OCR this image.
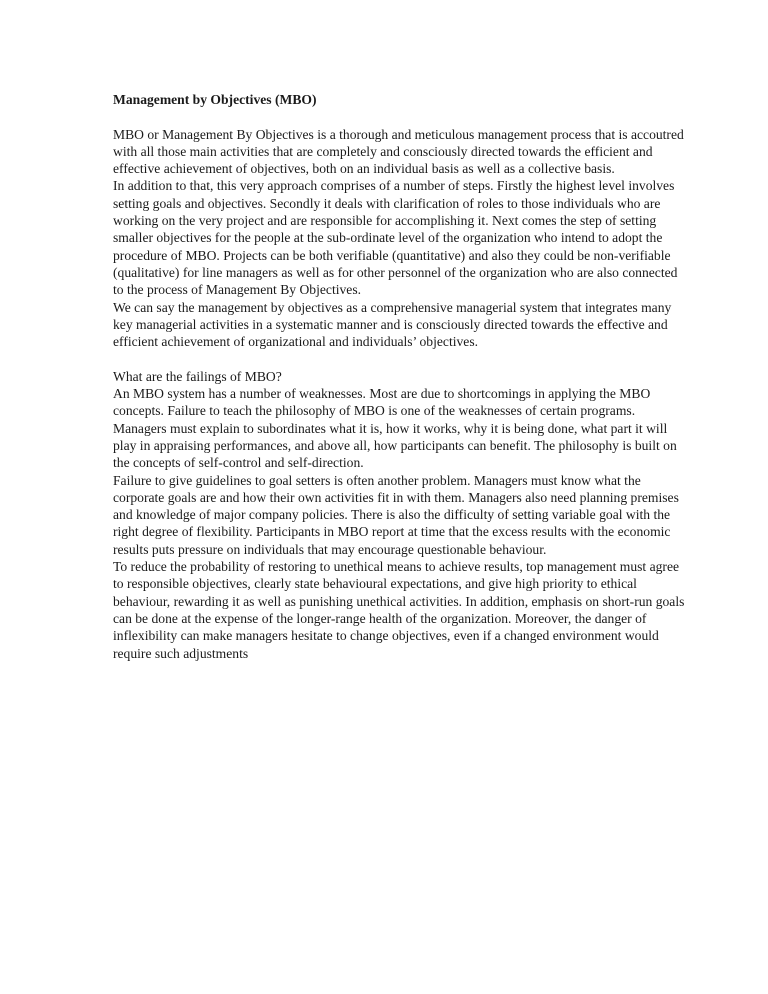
Management by Objectives (MBO)

MBO or Management By Objectives is a thorough and meticulous management process that is accoutred with all those main activities that are completely and consciously directed towards the efficient and effective achievement of objectives, both on an individual basis as well as a collective basis.

In addition to that, this very approach comprises of a number of steps. Firstly the highest level involves setting goals and objectives. Secondly it deals with clarification of roles to those individuals who are working on the very project and are responsible for accomplishing it. Next comes the step of setting smaller objectives for the people at the sub-ordinate level of the organization who intend to adopt the procedure of MBO. Projects can be both verifiable (quantitative) and also they could be non-verifiable (qualitative) for line managers as well as for other personnel of the organization who are also connected to the process of Management By Objectives.

We can say the management by objectives as a comprehensive managerial system that integrates many key managerial activities in a systematic manner and is consciously directed towards the effective and efficient achievement of organizational and individuals’ objectives.

What are the failings of MBO?

An MBO system has a number of weaknesses. Most are due to shortcomings in applying the MBO concepts. Failure to teach the philosophy of MBO is one of the weaknesses of certain programs. Managers must explain to subordinates what it is, how it works, why it is being done, what part it will play in appraising performances, and above all, how participants can benefit. The philosophy is built on the concepts of self-control and self-direction.

Failure to give guidelines to goal setters is often another problem. Managers must know what the corporate goals are and how their own activities fit in with them. Managers also need planning premises and knowledge of major company policies. There is also the difficulty of setting variable goal with the right degree of flexibility. Participants in MBO report at time that the excess results with the economic results puts pressure on individuals that may encourage questionable behaviour.

To reduce the probability of restoring to unethical means to achieve results, top management must agree to responsible objectives, clearly state behavioural expectations, and give high priority to ethical behaviour, rewarding it as well as punishing unethical activities. In addition, emphasis on short-run goals can be done at the expense of the longer-range health of the organization. Moreover, the danger of inflexibility can make managers hesitate to change objectives, even if a changed environment would require such adjustments
